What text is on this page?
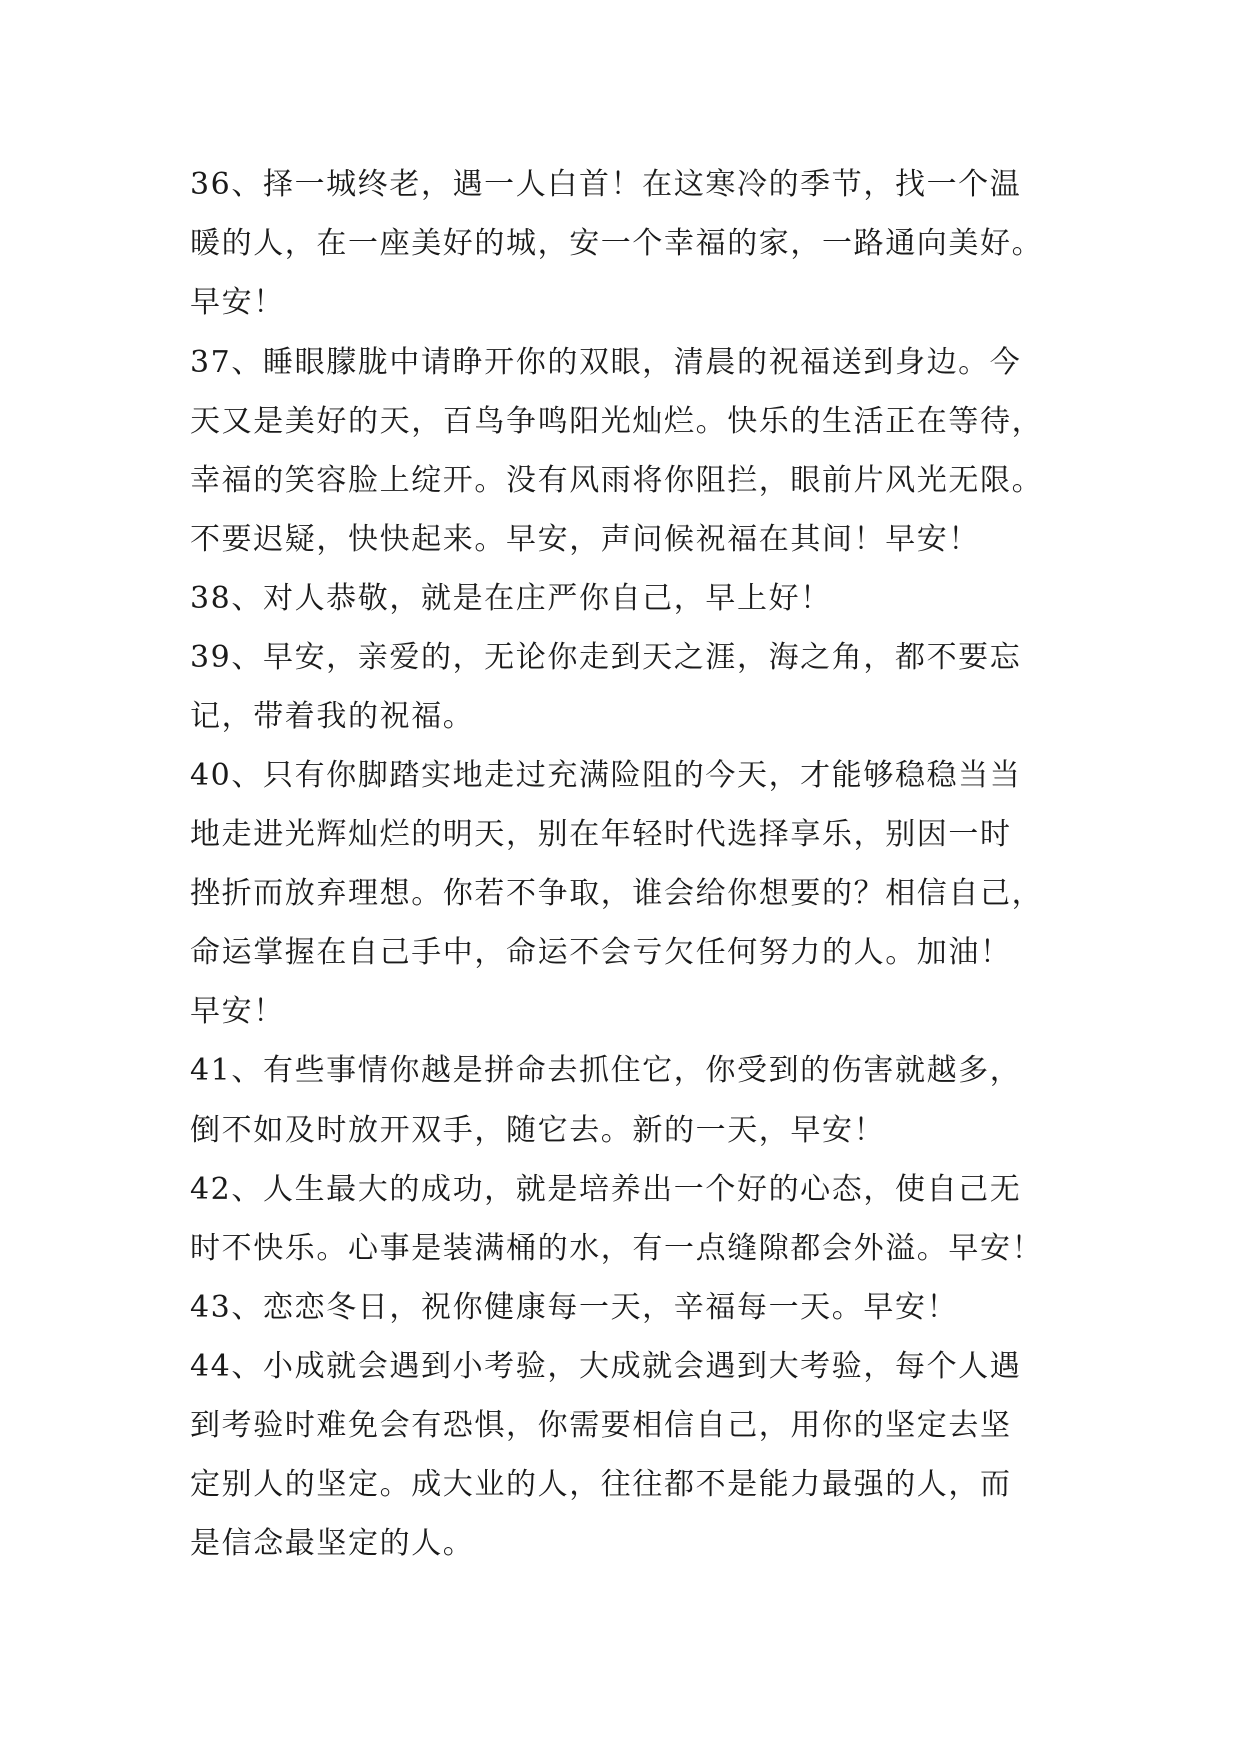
36、择一城终老，遇一人白首！在这寒冷的季节，找一个温
暖的人，在一座美好的城，安一个幸福的家，一路通向美好。
早安！
37、睡眼朦胧中请睁开你的双眼，清晨的祝福送到身边。今
天又是美好的天，百鸟争鸣阳光灿烂。快乐的生活正在等待，
幸福的笑容脸上绽开。没有风雨将你阻拦，眼前片风光无限。
不要迟疑，快快起来。早安，声问候祝福在其间！早安！
38、对人恭敬，就是在庄严你自己，早上好！
39、早安，亲爱的，无论你走到天之涯，海之角，都不要忘
记，带着我的祝福。
40、只有你脚踏实地走过充满险阻的今天，才能够稳稳当当
地走进光辉灿烂的明天，别在年轻时代选择享乐，别因一时
挫折而放弃理想。你若不争取，谁会给你想要的？相信自己，
命运掌握在自己手中，命运不会亏欠任何努力的人。加油！
早安！
41、有些事情你越是拼命去抓住它，你受到的伤害就越多，
倒不如及时放开双手，随它去。新的一天，早安！
42、人生最大的成功，就是培养出一个好的心态，使自己无
时不快乐。心事是装满桶的水，有一点缝隙都会外溢。早安！
43、恋恋冬日，祝你健康每一天，辛福每一天。早安！
44、小成就会遇到小考验，大成就会遇到大考验，每个人遇
到考验时难免会有恐惧，你需要相信自己，用你的坚定去坚
定别人的坚定。成大业的人，往往都不是能力最强的人，而
是信念最坚定的人。
